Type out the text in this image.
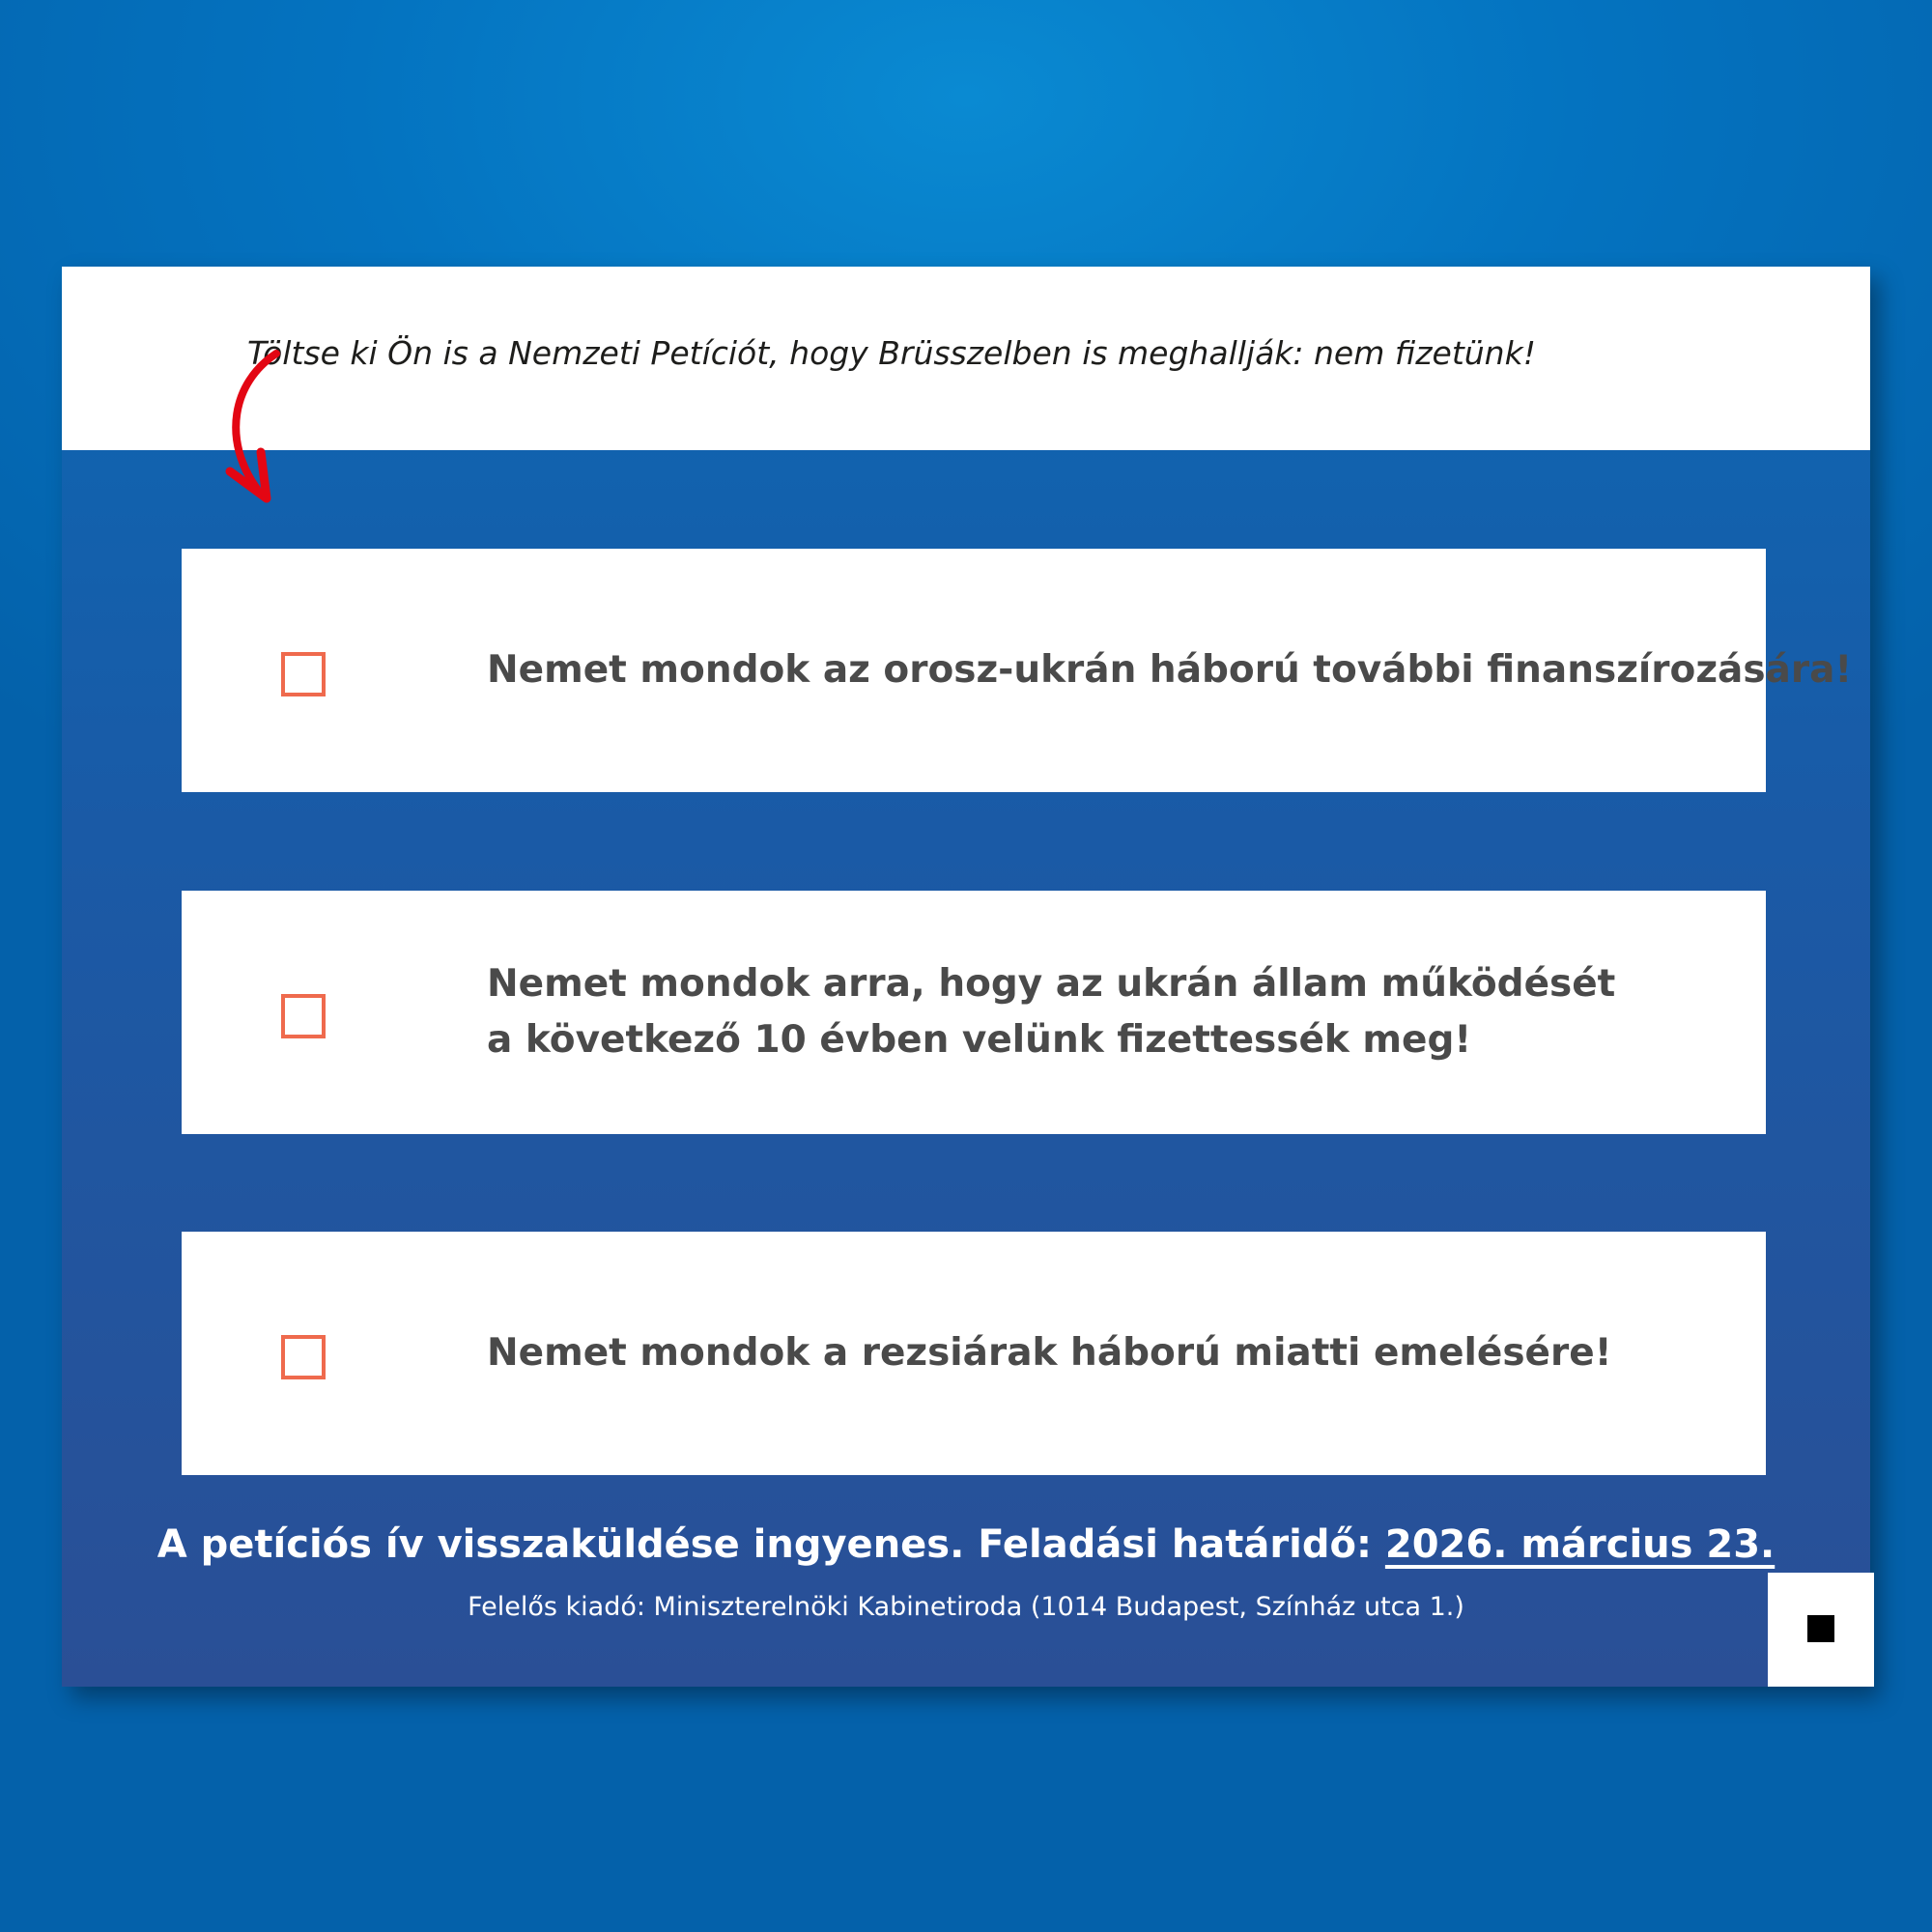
Töltse ki Ön is a Nemzeti Petíciót, hogy Brüsszelben is meghallják: nem fizetünk!
Nemet mondok az orosz-ukrán háború további finanszírozására!
Nemet mondok arra, hogy az ukrán állam működését
a következő 10 évben velünk fizettessék meg!
Nemet mondok a rezsiárak háború miatti emelésére!
A petíciós ív visszaküldése ingyenes. Feladási határidő: 2026. március 23.
Felelős kiadó: Miniszterelnöki Kabinetiroda (1014 Budapest, Színház utca 1.)
